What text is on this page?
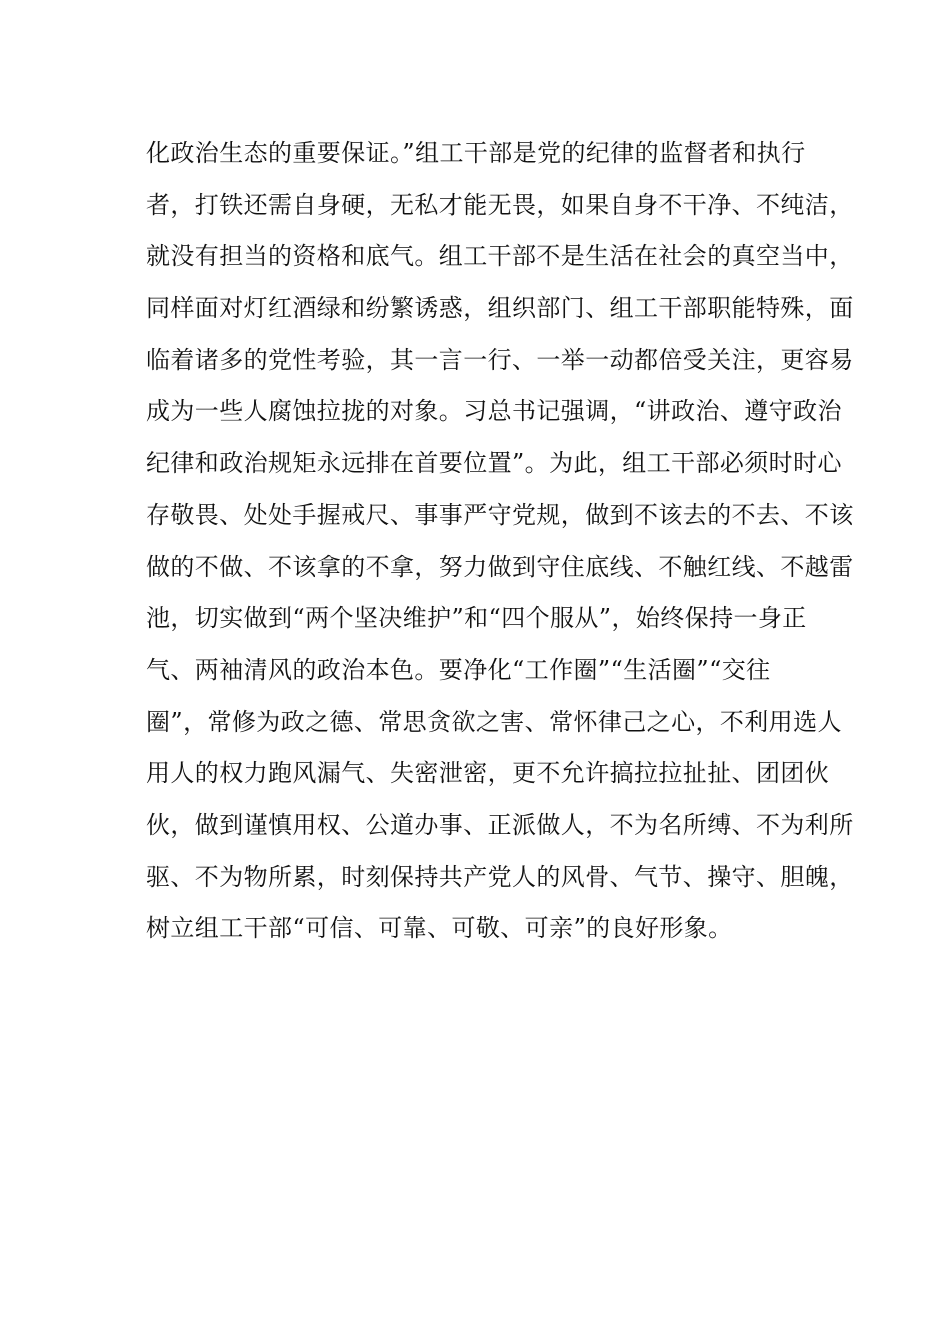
化政治生态的重要保证。”组工干部是党的纪律的监督者和执行
者，打铁还需自身硬，无私才能无畏，如果自身不干净、不纯洁，
就没有担当的资格和底气。组工干部不是生活在社会的真空当中，
同样面对灯红酒绿和纷繁诱惑，组织部门、组工干部职能特殊，面
临着诸多的党性考验，其一言一行、一举一动都倍受关注，更容易
成为一些人腐蚀拉拢的对象。习总书记强调，“讲政治、遵守政治
纪律和政治规矩永远排在首要位置”。为此，组工干部必须时时心
存敬畏、处处手握戒尺、事事严守党规，做到不该去的不去、不该
做的不做、不该拿的不拿，努力做到守住底线、不触红线、不越雷
池，切实做到“两个坚决维护”和“四个服从”，始终保持一身正
气、两袖清风的政治本色。要净化“工作圈”“生活圈”“交往
圈”，常修为政之德、常思贪欲之害、常怀律己之心，不利用选人
用人的权力跑风漏气、失密泄密，更不允许搞拉拉扯扯、团团伙
伙，做到谨慎用权、公道办事、正派做人，不为名所缚、不为利所
驱、不为物所累，时刻保持共产党人的风骨、气节、操守、胆魄，
树立组工干部“可信、可靠、可敬、可亲”的良好形象。
